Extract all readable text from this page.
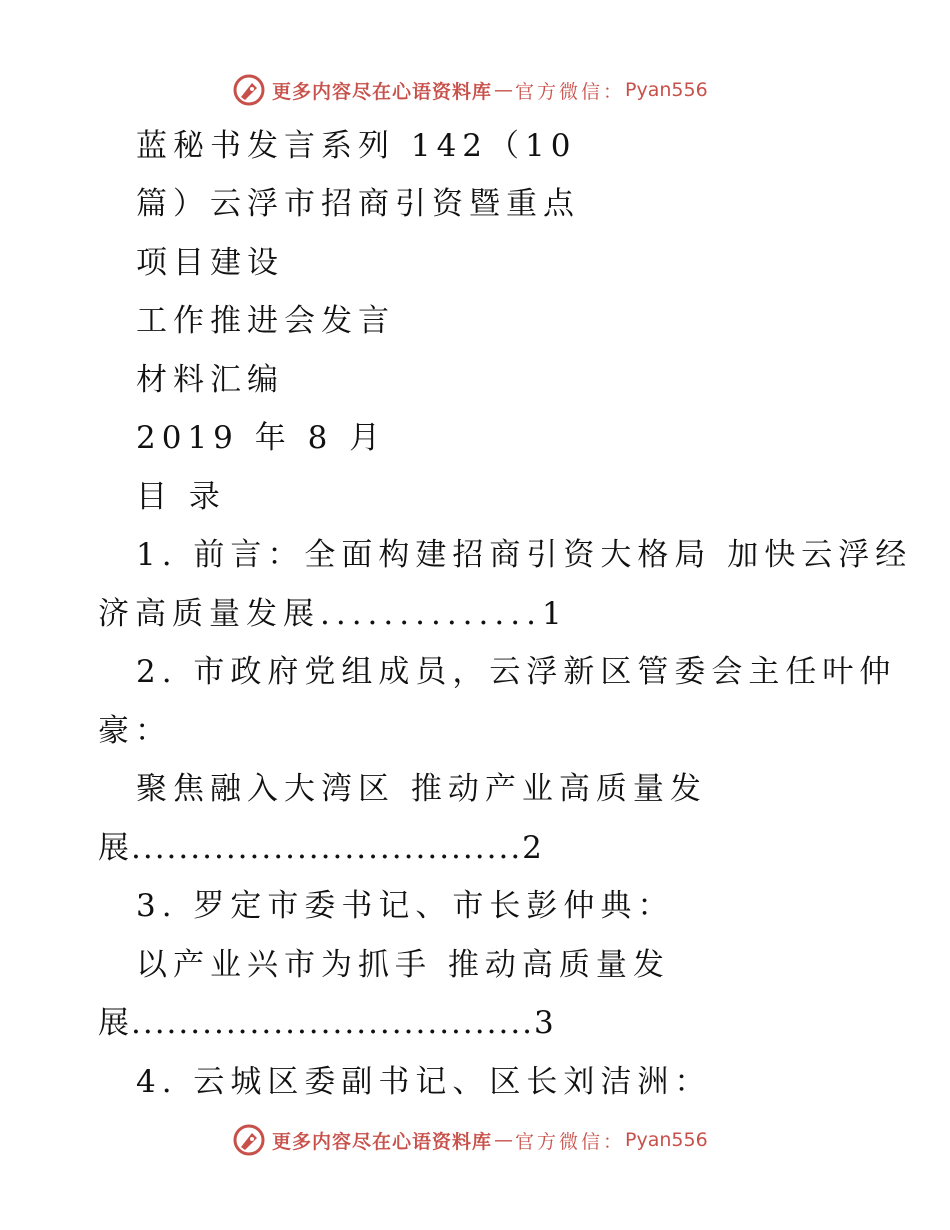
更多内容尽在心语资料库 — 官方微信： Pyan556
蓝秘书发言系列 142（10
篇）云浮市招商引资暨重点
项目建设
工作推进会发言
材料汇编
2019 年 8 月
目 录
1. 前言：全面构建招商引资大格局 加快云浮经
济高质量发展..............1
2. 市政府党组成员，云浮新区管委会主任叶仲
豪：
聚焦融入大湾区 推动产业高质量发
展.................................2
3. 罗定市委书记、市长彭仲典：
以产业兴市为抓手 推动高质量发
展..................................3
4. 云城区委副书记、区长刘洁洲：
更多内容尽在心语资料库 — 官方微信： Pyan556
